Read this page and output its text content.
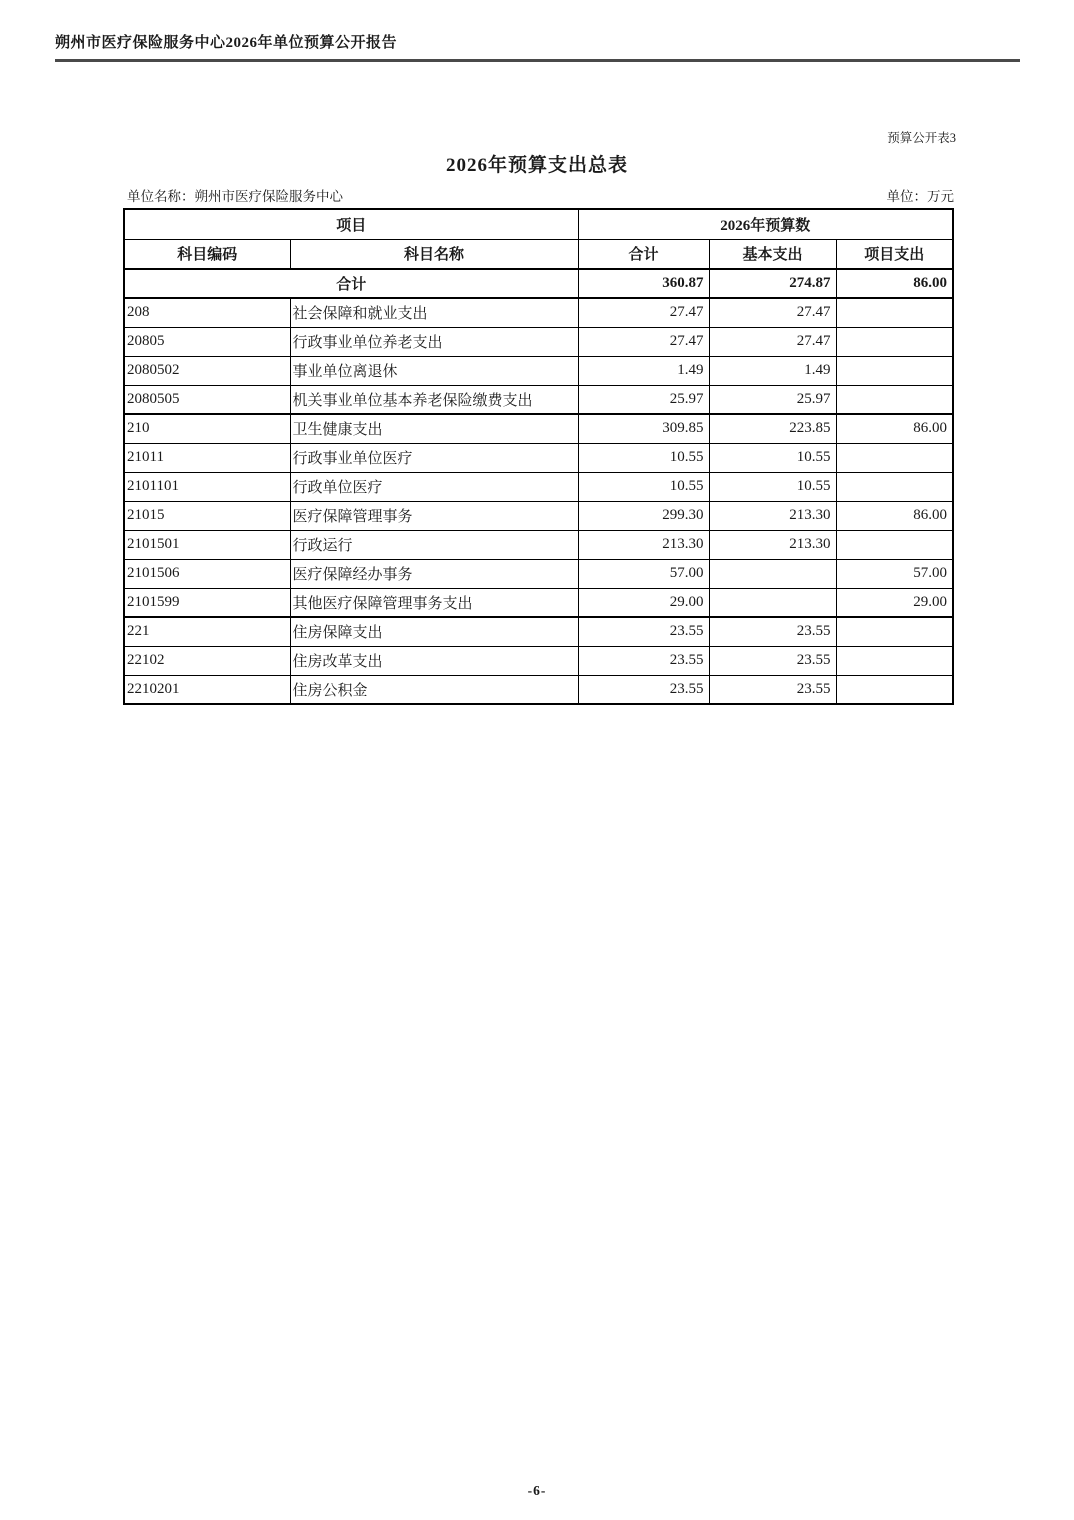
朔州市医疗保险服务中心2026年单位预算公开报告
预算公开表3
2026年预算支出总表
单位名称：朔州市医疗保险服务中心	单位：万元
项目		2026年预算数		
科目编码	科目名称	合计	基本支出	项目支出
合计		360.87	274.87	86.00
208	社会保障和就业支出	27.47	27.47	
20805	行政事业单位养老支出	27.47	27.47	
2080502	事业单位离退休	1.49	1.49	
2080505	机关事业单位基本养老保险缴费支出	25.97	25.97	
210	卫生健康支出	309.85	223.85	86.00
21011	行政事业单位医疗	10.55	10.55	
2101101	行政单位医疗	10.55	10.55	
21015	医疗保障管理事务	299.30	213.30	86.00
2101501	行政运行	213.30	213.30	
2101506	医疗保障经办事务	57.00		57.00
2101599	其他医疗保障管理事务支出	29.00		29.00
221	住房保障支出	23.55	23.55	
22102	住房改革支出	23.55	23.55	
2210201	住房公积金	23.55	23.55	
-6-
